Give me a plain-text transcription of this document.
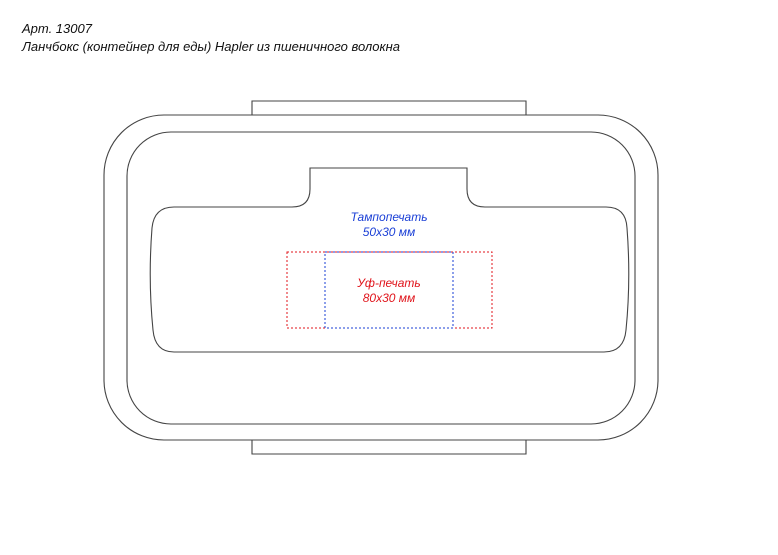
Арт. 13007
Ланчбокс (контейнер для еды) Hapler из пшеничного волокна
Тампопечать
50х30 мм
Уф-печать
80х30 мм
